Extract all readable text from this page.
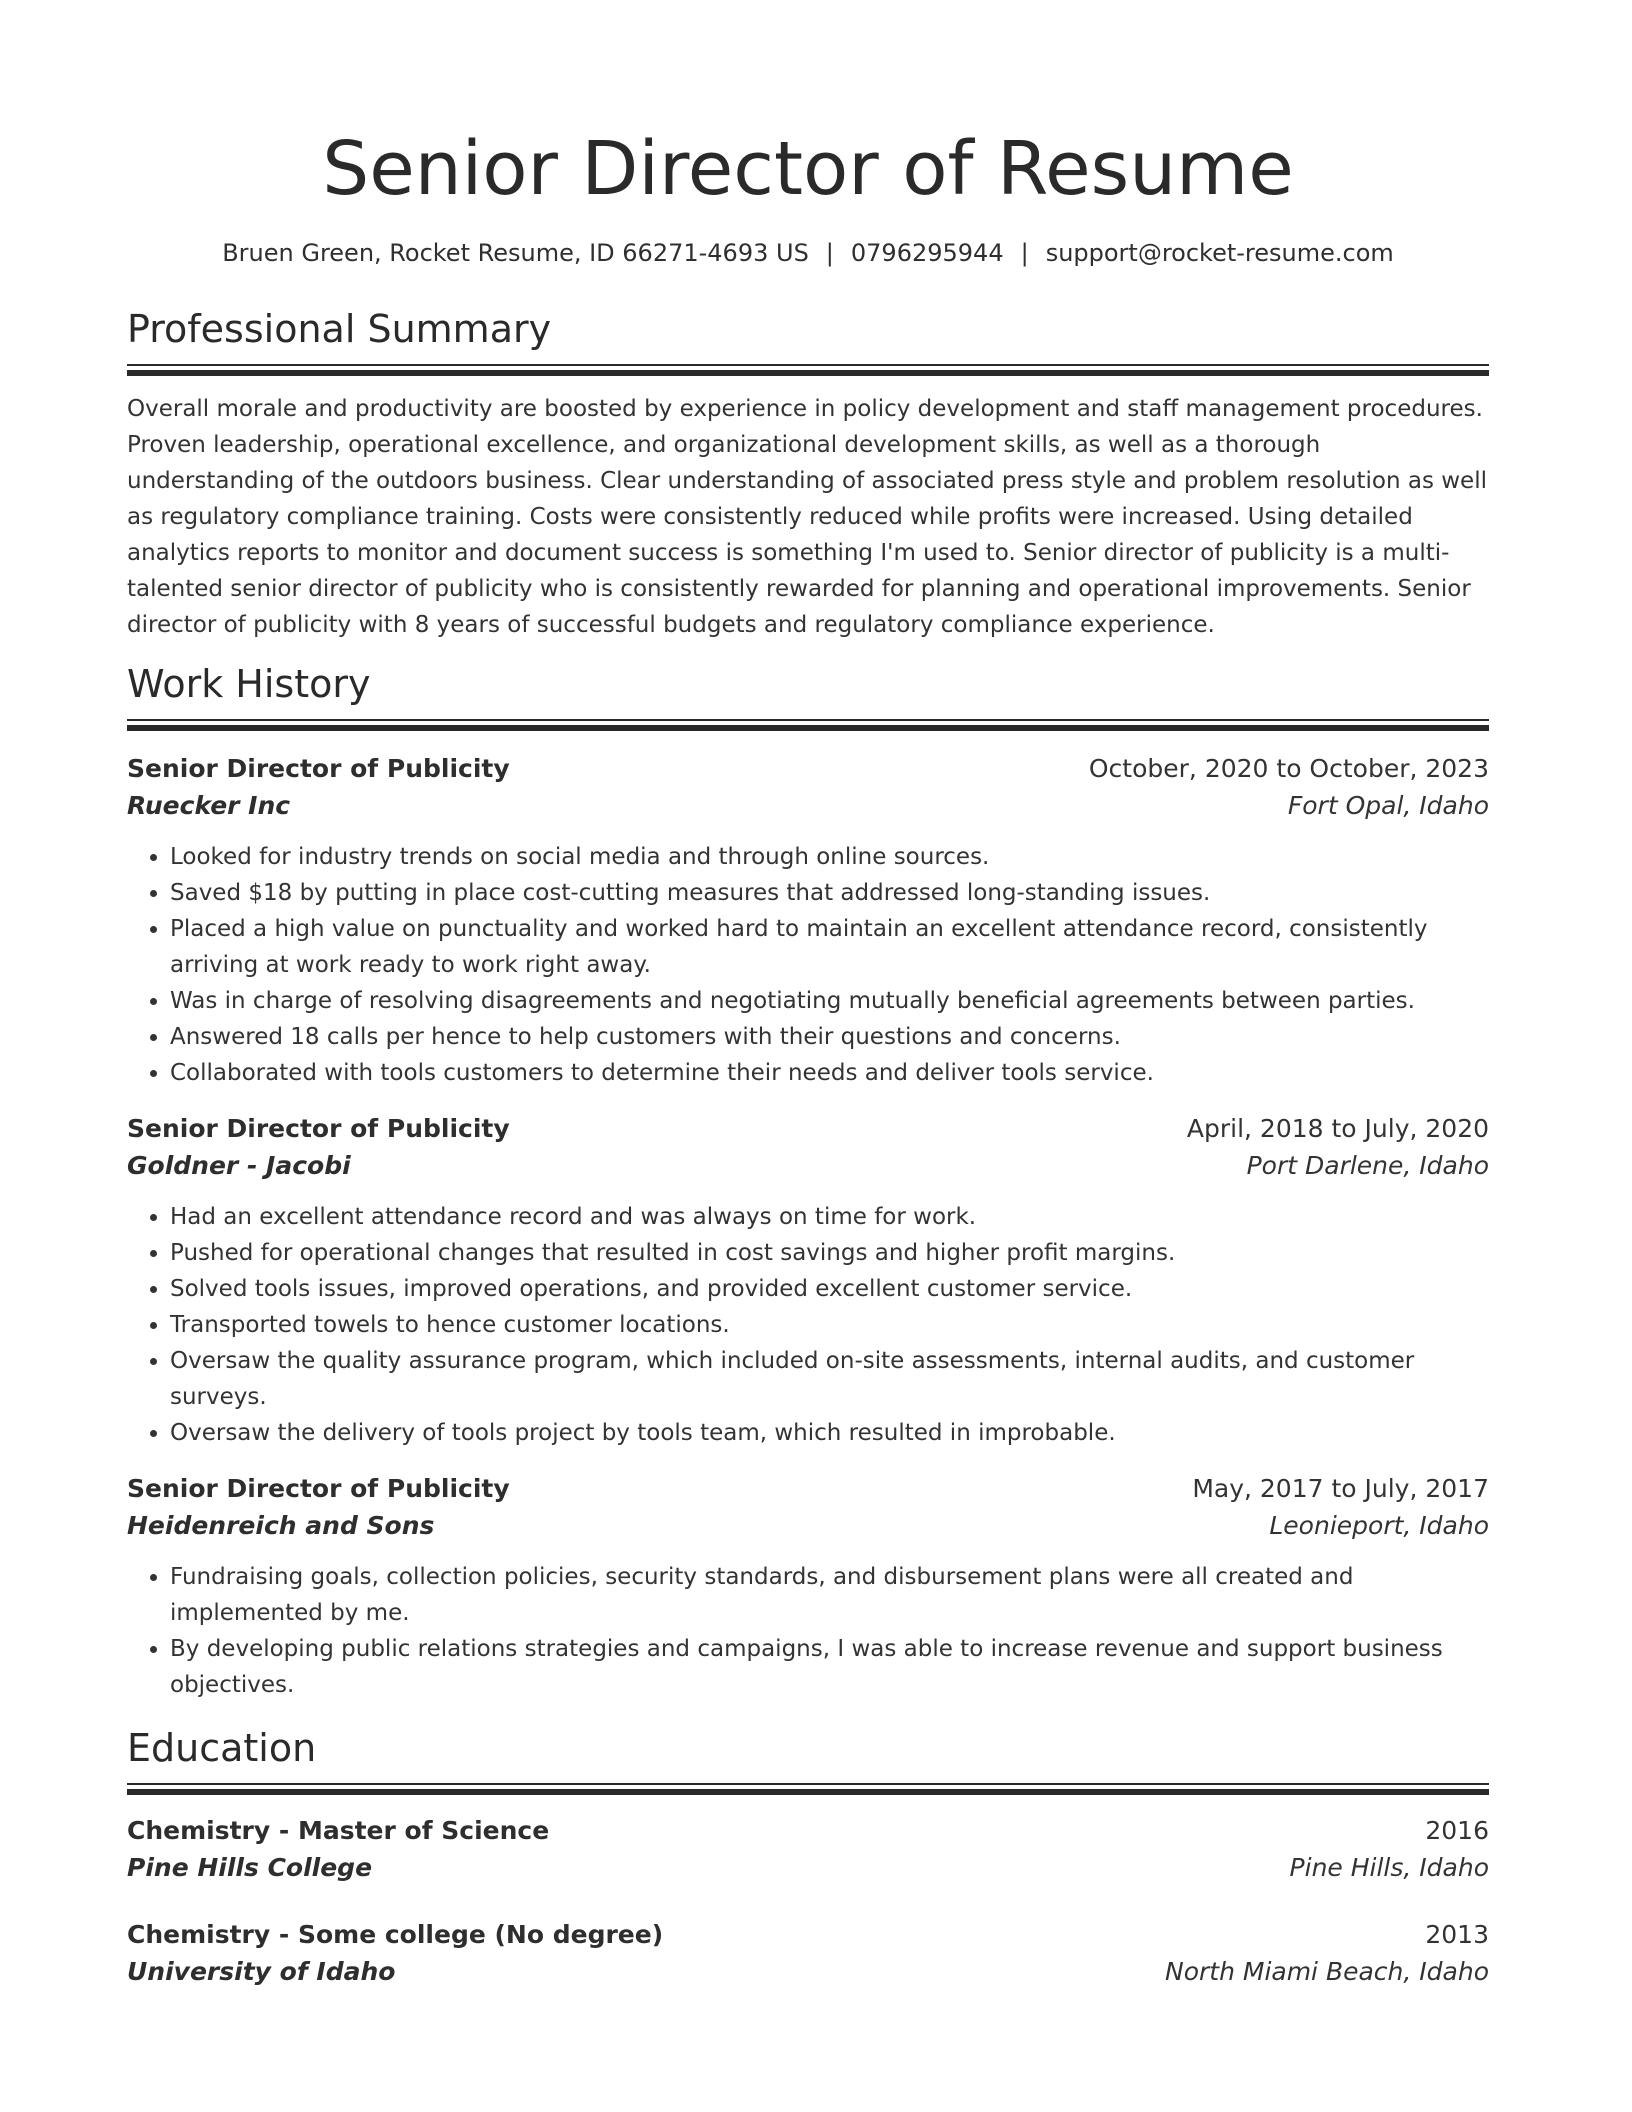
Senior Director of Resume
Bruen Green, Rocket Resume, ID 66271-4693 US | 0796295944 | support@rocket-resume.com
Professional Summary

Overall morale and productivity are boosted by experience in policy development and staff management procedures. Proven leadership, operational excellence, and organizational development skills, as well as a thorough understanding of the outdoors business. Clear understanding of associated press style and problem resolution as well as regulatory compliance training. Costs were consistently reduced while profits were increased. Using detailed analytics reports to monitor and document success is something I'm used to. Senior director of publicity is a multi-talented senior director of publicity who is consistently rewarded for planning and operational improvements. Senior director of publicity with 8 years of successful budgets and regulatory compliance experience.

Work History
Senior Director of Publicity	October, 2020 to October, 2023
Ruecker Inc	Fort Opal, Idaho
• Looked for industry trends on social media and through online sources.
• Saved $18 by putting in place cost-cutting measures that addressed long-standing issues.
• Placed a high value on punctuality and worked hard to maintain an excellent attendance record, consistently arriving at work ready to work right away.
• Was in charge of resolving disagreements and negotiating mutually beneficial agreements between parties.
• Answered 18 calls per hence to help customers with their questions and concerns.
• Collaborated with tools customers to determine their needs and deliver tools service.
Senior Director of Publicity	April, 2018 to July, 2020
Goldner - Jacobi	Port Darlene, Idaho
• Had an excellent attendance record and was always on time for work.
• Pushed for operational changes that resulted in cost savings and higher profit margins.
• Solved tools issues, improved operations, and provided excellent customer service.
• Transported towels to hence customer locations.
• Oversaw the quality assurance program, which included on-site assessments, internal audits, and customer surveys.
• Oversaw the delivery of tools project by tools team, which resulted in improbable.
Senior Director of Publicity	May, 2017 to July, 2017
Heidenreich and Sons	Leonieport, Idaho
• Fundraising goals, collection policies, security standards, and disbursement plans were all created and implemented by me.
• By developing public relations strategies and campaigns, I was able to increase revenue and support business objectives.
Education
Chemistry - Master of Science	2016
Pine Hills College	Pine Hills, Idaho
Chemistry - Some college (No degree)	2013
University of Idaho	North Miami Beach, Idaho
